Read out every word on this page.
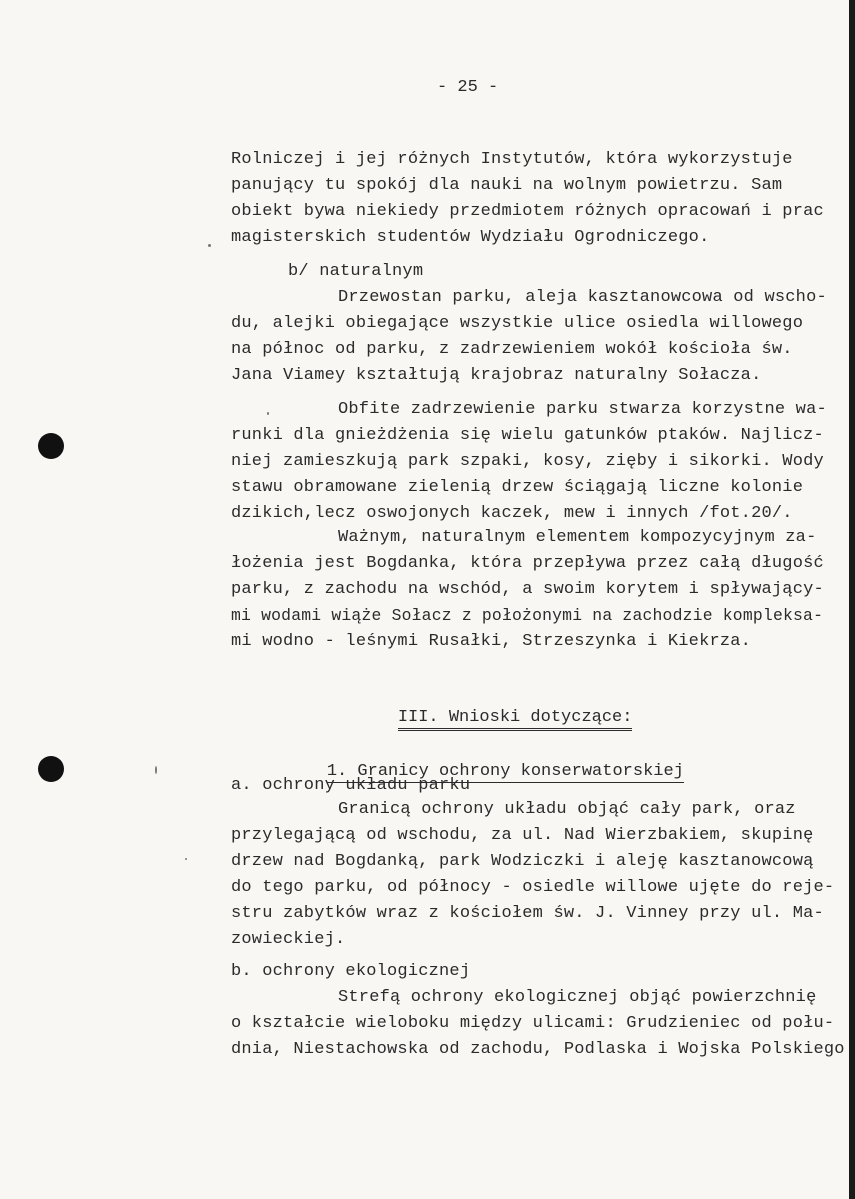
- 25 -
Rolniczej i jej różnych Instytutów, która wykorzystuje
panujący tu spokój dla nauki na wolnym powietrzu. Sam
obiekt bywa niekiedy przedmiotem różnych opracowań i prac
magisterskich studentów Wydziału Ogrodniczego.
b/ naturalnym
Drzewostan parku, aleja kasztanowcowa od wscho-
du, alejki obiegające wszystkie ulice osiedla willowego
na północ od parku, z zadrzewieniem wokół kościoła św.
Jana Viamey kształtują krajobraz naturalny Sołacza.
Obfite zadrzewienie parku stwarza korzystne wa-
runki dla gnieżdżenia się wielu gatunków ptaków. Najlicz-
niej zamieszkują park szpaki, kosy, zięby i sikorki. Wody
stawu obramowane zielenią drzew ściągają liczne kolonie
dzikich,lecz oswojonych kaczek, mew i innych /fot.20/.
Ważnym, naturalnym elementem kompozycyjnym za-
łożenia jest Bogdanka, która przepływa przez całą długość
parku, z zachodu na wschód, a swoim korytem i spływający-
mi wodami wiąże Sołacz z położonymi na zachodzie kompleksa-
mi wodno - leśnymi Rusałki, Strzeszynka i Kiekrza.

III. Wnioski dotyczące:

1. Granicy ochrony konserwatorskiej

a. ochrony układu parku
Granicą ochrony układu objąć cały park, oraz
przylegającą od wschodu, za ul. Nad Wierzbakiem, skupinę
drzew nad Bogdanką, park Wodziczki i aleję kasztanowcową
do tego parku, od północy - osiedle willowe ujęte do reje-
stru zabytków wraz z kościołem św. J. Vinney przy ul. Ma-
zowieckiej.
b. ochrony ekologicznej
Strefą ochrony ekologicznej objąć powierzchnię
o kształcie wieloboku między ulicami: Grudzieniec od połu-
dnia, Niestachowska od zachodu, Podlaska i Wojska Polskiego
